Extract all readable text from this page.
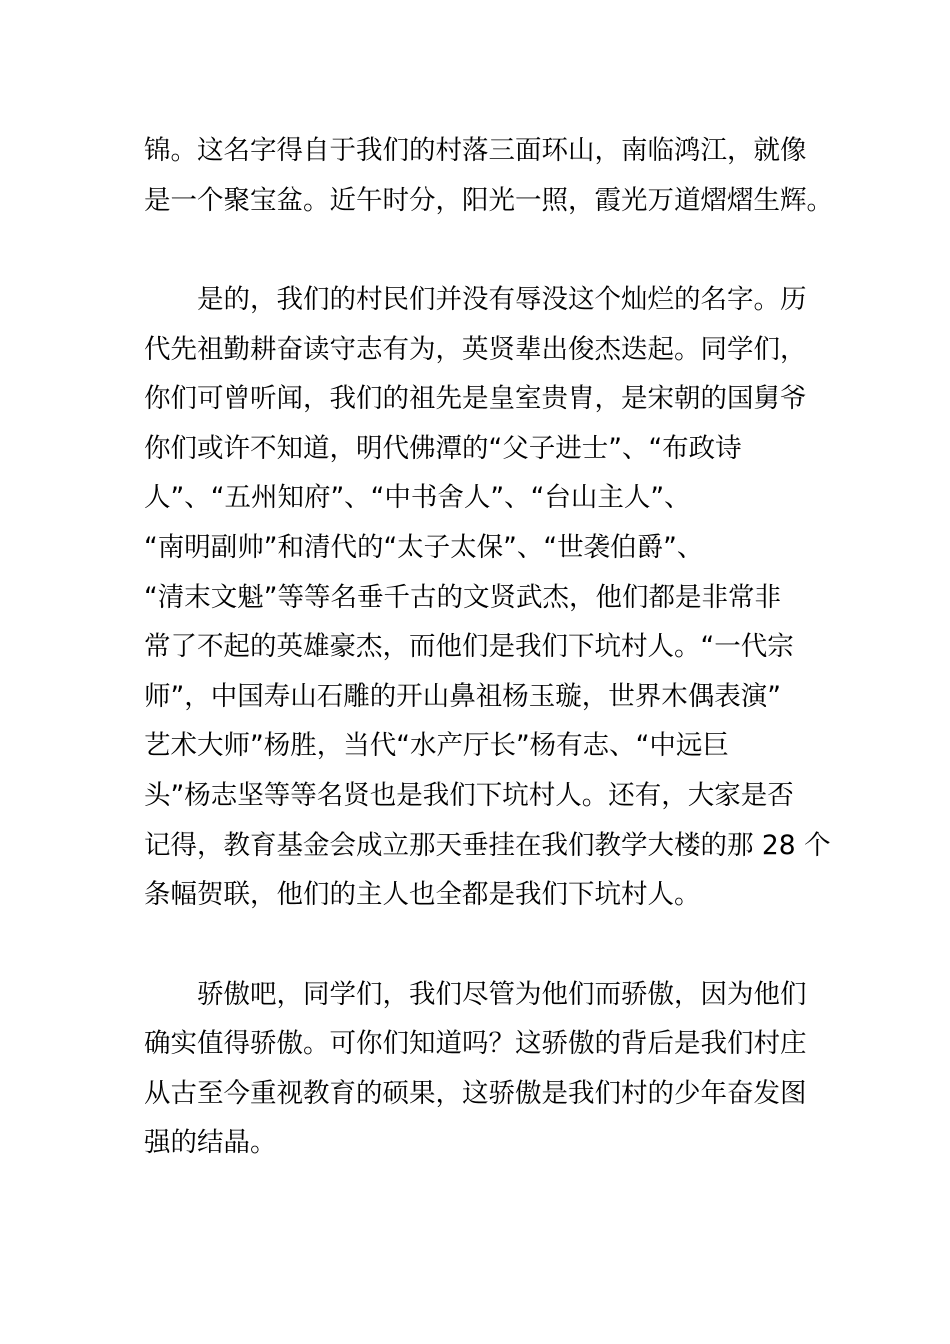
锦。这名字得自于我们的村落三面环山，南临鸿江，就像
是一个聚宝盆。近午时分，阳光一照，霞光万道熠熠生辉。
　　是的，我们的村民们并没有辱没这个灿烂的名字。历
代先祖勤耕奋读守志有为，英贤辈出俊杰迭起。同学们，
你们可曾听闻，我们的祖先是皇室贵胄，是宋朝的国舅爷
你们或许不知道，明代佛潭的“父子进士”、“布政诗
人”、“五州知府”、“中书舍人”、“台山主人”、
“南明副帅”和清代的“太子太保”、“世袭伯爵”、
“清末文魁”等等名垂千古的文贤武杰，他们都是非常非
常了不起的英雄豪杰，而他们是我们下坑村人。“一代宗
师”，中国寿山石雕的开山鼻祖杨玉璇，世界木偶表演”
艺术大师”杨胜，当代“水产厅长”杨有志、“中远巨
头”杨志坚等等名贤也是我们下坑村人。还有，大家是否
记得，教育基金会成立那天垂挂在我们教学大楼的那 28 个
条幅贺联，他们的主人也全都是我们下坑村人。
　　骄傲吧，同学们，我们尽管为他们而骄傲，因为他们
确实值得骄傲。可你们知道吗？这骄傲的背后是我们村庄
从古至今重视教育的硕果，这骄傲是我们村的少年奋发图
强的结晶。
